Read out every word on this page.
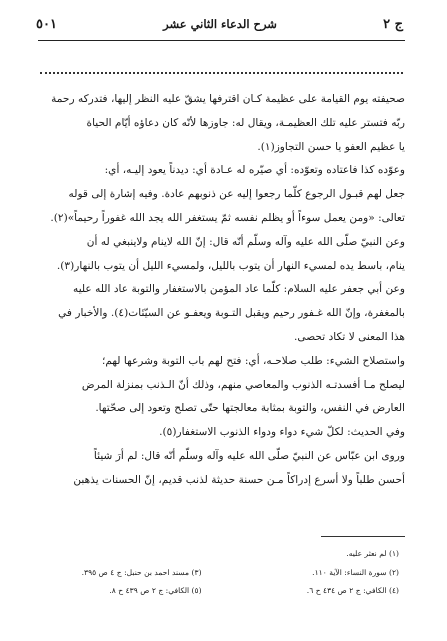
ج ٢
شرح الدعاء الثاني عشر
٥٠١

صحيفته يوم القيامة على عظيمة كـان اقترفها يشقّ عليه النظر إليها، فتدركه رحمة

ربّه فتستر عليه تلك العظيمـة، ويقال له: جاوزها لأنّه كان دعاؤه أيّام الحياة

يا عظيم العفو يا حسن التجاوز(١).

وعوّده كذا فاعتاده وتعوّده: أي صيّره له عـادة أي: ديدناً يعود إليـه، أي:

جعل لهم قبـول الرجوع كلّما رجعوا إليه عن ذنوبهم عادة. وفيه إشارة إلى قوله

تعالى: «ومن يعمل سوءاً أو يظلم نفسه ثمّ يستغفر الله يجد الله غفوراً رحيماً»(٢).

وعن النبيّ صلّى الله عليه وآله وسلّم أنّه قال: إنّ الله لاينام ولاينبغي له أن

ينام، باسط يده لمسيء النهار أن يتوب بالليل، ولمسيء الليل أن يتوب بالنهار(٣).

وعن أبي جعفر عليه السلام: كلّما عاد المؤمن بالاستغفار والتوبة عاد الله عليه

بالمغفرة، وإنّ الله غـفور رحيم ويقبل التـوبة ويعفـو عن السيّئات(٤). والأخبار في

هذا المعنى لا تكاد تحصى.

واستصلاح الشيء: طلب صلاحـه، أي: فتح لهم باب التوبة وشرعها لهم؛

ليصلح مـا أفسدتـه الذنوب والمعاصي منهم، وذلك أنّ الـذنب بمنزلة المرض

العارض في النفس، والتوبة بمثابة معالجتها حتّى تصلح وتعود إلى صحّتها.

وفي الحديث: لكلّ شيء دواء ودواء الذنوب الاستغفار(٥).

وروى ابن عبّاس عن النبيّ صلّى الله عليه وآله وسلّم أنّه قال: لم أرَ شيئاً

أحسن طلباً ولا أسرع إدراكاً مـن حسنة حديثة لذنب قديم، إنّ الحسنات يذهبن

(١) لم نعثر عليه.
(٢) سورة النساء: الآية ١١٠.
(٣) مسند احمد بن حنبل: ج ٤ ص ٣٩٥.
(٤) الكافي: ج ٢ ص ٤٣٤ ح ٦.
(٥) الكافي: ج ٢ ص ٤٣٩ ح ٨.
